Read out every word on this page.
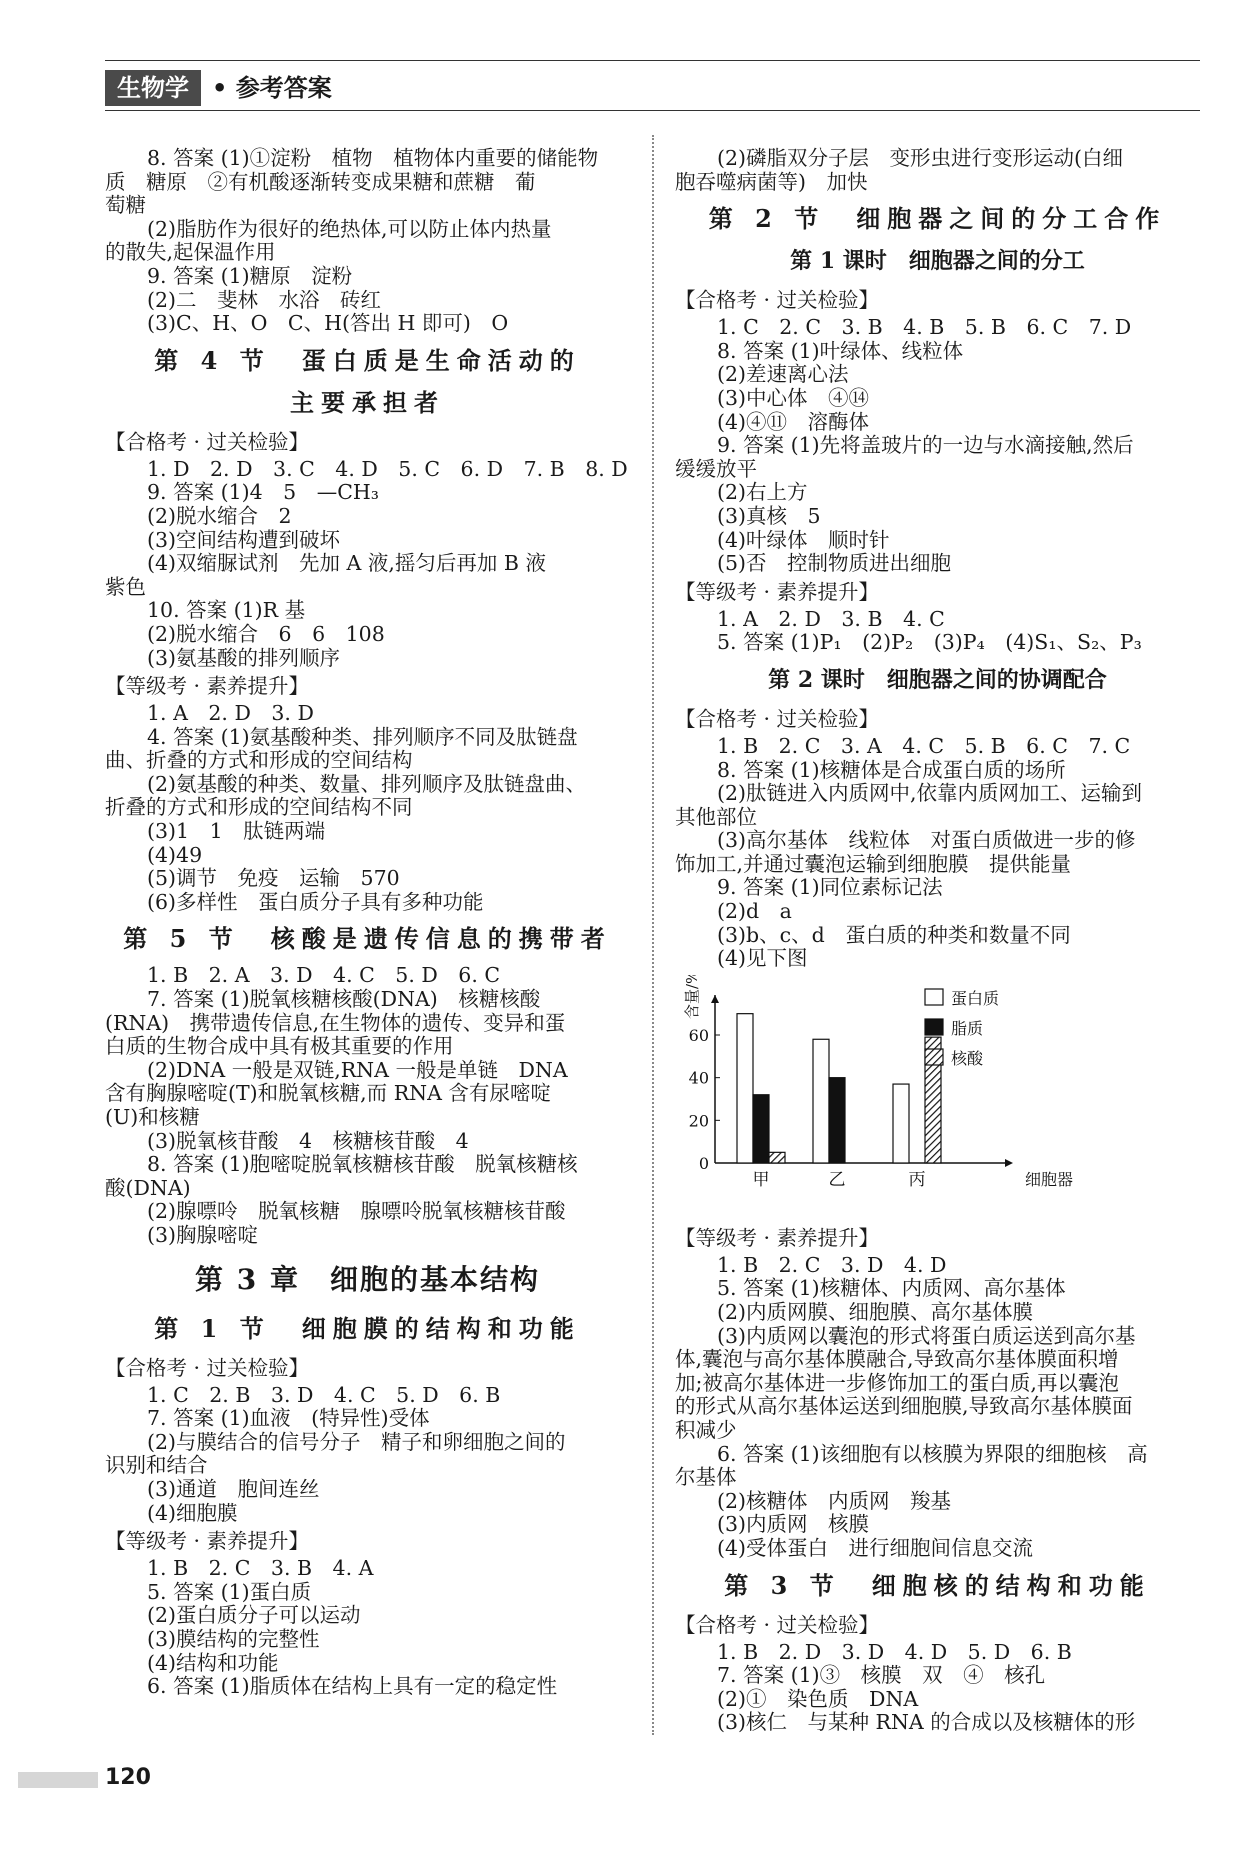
生物学 • 参考答案
8. 答案 (1)①淀粉　植物　植物体内重要的储能物
质　糖原　②有机酸逐渐转变成果糖和蔗糖　葡
萄糖
(2)脂肪作为很好的绝热体,可以防止体内热量
的散失,起保温作用
9. 答案 (1)糖原　淀粉
(2)二　斐林　水浴　砖红
(3)C、H、O　C、H(答出 H 即可)　O
第 4 节　蛋白质是生命活动的
主要承担者
【合格考 · 过关检验】
1. D　2. D　3. C　4. D　5. C　6. D　7. B　8. D
9. 答案 (1)4　5　—CH₃
(2)脱水缩合　2
(3)空间结构遭到破坏
(4)双缩脲试剂　先加 A 液,摇匀后再加 B 液
紫色
10. 答案 (1)R 基
(2)脱水缩合　6　6　108
(3)氨基酸的排列顺序
【等级考 · 素养提升】
1. A　2. D　3. D
4. 答案 (1)氨基酸种类、排列顺序不同及肽链盘
曲、折叠的方式和形成的空间结构
(2)氨基酸的种类、数量、排列顺序及肽链盘曲、
折叠的方式和形成的空间结构不同
(3)1　1　肽链两端
(4)49
(5)调节　免疫　运输　570
(6)多样性　蛋白质分子具有多种功能
第 5 节　核酸是遗传信息的携带者
1. B　2. A　3. D　4. C　5. D　6. C
7. 答案 (1)脱氧核糖核酸(DNA)　核糖核酸
(RNA)　携带遗传信息,在生物体的遗传、变异和蛋
白质的生物合成中具有极其重要的作用
(2)DNA 一般是双链,RNA 一般是单链　DNA
含有胸腺嘧啶(T)和脱氧核糖,而 RNA 含有尿嘧啶
(U)和核糖
(3)脱氧核苷酸　4　核糖核苷酸　4
8. 答案 (1)胞嘧啶脱氧核糖核苷酸　脱氧核糖核
酸(DNA)
(2)腺嘌呤　脱氧核糖　腺嘌呤脱氧核糖核苷酸
(3)胸腺嘧啶
第 3 章　细胞的基本结构
第 1 节　细胞膜的结构和功能
【合格考 · 过关检验】
1. C　2. B　3. D　4. C　5. D　6. B
7. 答案 (1)血液　(特异性)受体
(2)与膜结合的信号分子　精子和卵细胞之间的
识别和结合
(3)通道　胞间连丝
(4)细胞膜
【等级考 · 素养提升】
1. B　2. C　3. B　4. A
5. 答案 (1)蛋白质
(2)蛋白质分子可以运动
(3)膜结构的完整性
(4)结构和功能
6. 答案 (1)脂质体在结构上具有一定的稳定性
(2)磷脂双分子层　变形虫进行变形运动(白细
胞吞噬病菌等)　加快
第 2 节　细胞器之间的分工合作
第 1 课时　细胞器之间的分工
【合格考 · 过关检验】
1. C　2. C　3. B　4. B　5. B　6. C　7. D
8. 答案 (1)叶绿体、线粒体
(2)差速离心法
(3)中心体　④⑭
(4)④⑪　溶酶体
9. 答案 (1)先将盖玻片的一边与水滴接触,然后
缓缓放平
(2)右上方
(3)真核　5
(4)叶绿体　顺时针
(5)否　控制物质进出细胞
【等级考 · 素养提升】
1. A　2. D　3. B　4. C
5. 答案 (1)P₁　(2)P₂　(3)P₄　(4)S₁、S₂、P₃
第 2 课时　细胞器之间的协调配合
【合格考 · 过关检验】
1. B　2. C　3. A　4. C　5. B　6. C　7. C
8. 答案 (1)核糖体是合成蛋白质的场所
(2)肽链进入内质网中,依靠内质网加工、运输到
其他部位
(3)高尔基体　线粒体　对蛋白质做进一步的修
饰加工,并通过囊泡运输到细胞膜　提供能量
9. 答案 (1)同位素标记法
(2)d　a
(3)b、c、d　蛋白质的种类和数量不同
(4)见下图
0
20
40
60
含量/%
甲	乙	丙	细胞器
蛋白质
脂质
核酸
【等级考 · 素养提升】
1. B　2. C　3. D　4. D
5. 答案 (1)核糖体、内质网、高尔基体
(2)内质网膜、细胞膜、高尔基体膜
(3)内质网以囊泡的形式将蛋白质运送到高尔基
体,囊泡与高尔基体膜融合,导致高尔基体膜面积增
加;被高尔基体进一步修饰加工的蛋白质,再以囊泡
的形式从高尔基体运送到细胞膜,导致高尔基体膜面
积减少
6. 答案 (1)该细胞有以核膜为界限的细胞核　高
尔基体
(2)核糖体　内质网　羧基
(3)内质网　核膜
(4)受体蛋白　进行细胞间信息交流
第 3 节　细胞核的结构和功能
【合格考 · 过关检验】
1. B　2. D　3. D　4. D　5. D　6. B
7. 答案 (1)③　核膜　双　④　核孔
(2)①　染色质　DNA
(3)核仁　与某种 RNA 的合成以及核糖体的形
120
